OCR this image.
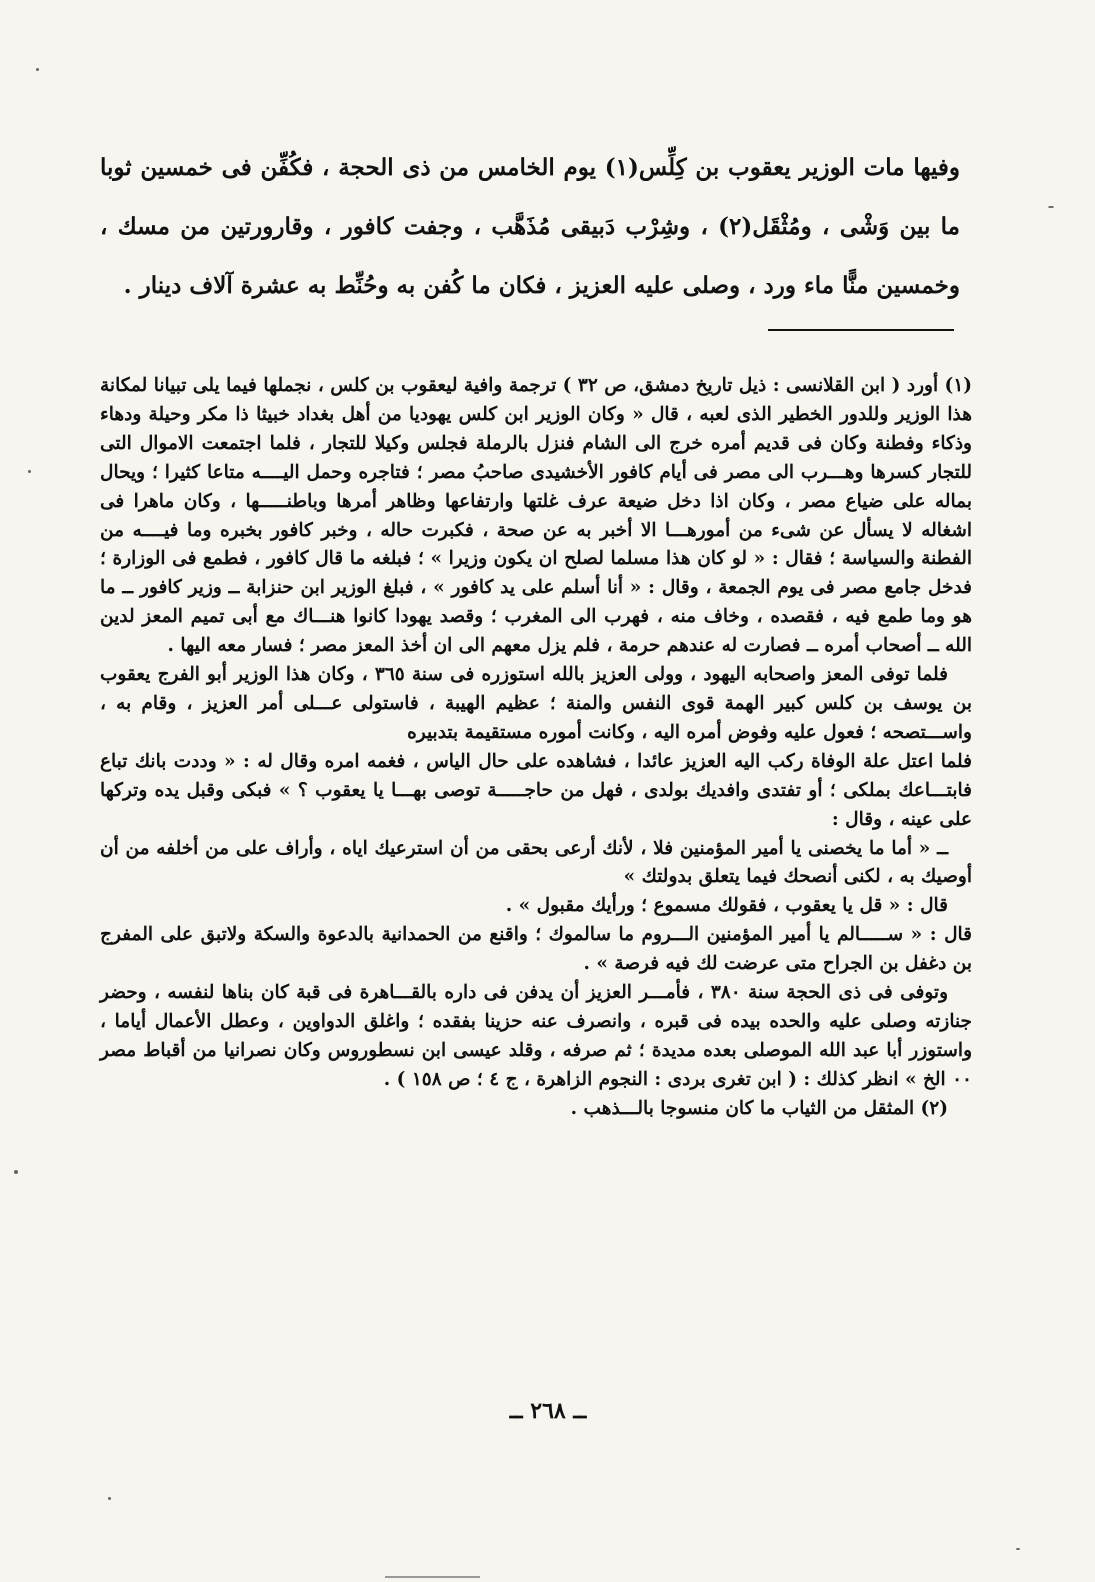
وفيها مات الوزير يعقوب بن كِلِّس(١) يوم الخامس من ذى الحجة ، فكُفِّن فى خمسين ثوبا ما بين وَشْى ، ومُثْقَل(٢) ، وشِرْب دَبيقى مُذَهَّب ، وجفت كافور ، وقارورتين من مسك ، وخمسين منًّا ماء ورد ، وصلى عليه العزيز ، فكان ما كُفن به وحُنِّط به عشرة آلاف دينار .

(١) أورد ( ابن القلانسى : ذيل تاريخ دمشق، ص ٣٢ ) ترجمة وافية ليعقوب بن كلس ، نجملها فيما يلى تبيانا لمكانة هذا الوزير وللدور الخطير الذى لعبه ، قال « وكان الوزير ابن كلس يهوديا من أهل بغداد خبيثا ذا مكر وحيلة ودهاء وذكاء وفطنة وكان فى قديم أمره خرج الى الشام فنزل بالرملة فجلس وكيلا للتجار ، فلما اجتمعت الاموال التى للتجار كسرها وهـــرب الى مصر فى أيام كافور الأخشيدى صاحبُ مصر ؛ فتاجره وحمل اليــــه متاعا كثيرا ؛ ويحال بماله على ضياع مصر ، وكان اذا دخل ضيعة عرف غلتها وارتفاعها وظاهر أمرها وباطنـــــها ، وكان ماهرا فى اشغاله لا يسأل عن شىء من أمورهـــا الا أخبر به عن صحة ، فكبرت حاله ، وخبر كافور بخبره وما فيــــه من الفطنة والسياسة ؛ فقال : « لو كان هذا مسلما لصلح ان يكون وزيرا » ؛ فبلغه ما قال كافور ، فطمع فى الوزارة ؛ فدخل جامع مصر فى يوم الجمعة ، وقال : « أنا أسلم على يد كافور » ، فبلغ الوزير ابن حنزابة ــ وزير كافور ــ ما هو وما طمع فيه ، فقصده ، وخاف منه ، فهرب الى المغرب ؛ وقصد يهودا كانوا هنـــاك مع أبى تميم المعز لدين الله ــ أصحاب أمره ــ فصارت له عندهم حرمة ، فلم يزل معهم الى ان أخذ المعز مصر ؛ فسار معه اليها .

فلما توفى المعز واصحابه اليهود ، وولى العزيز بالله استوزره فى سنة ٣٦٥ ، وكان هذا الوزير أبو الفرج يعقوب بن يوسف بن كلس كبير الهمة قوى النفس والمنة ؛ عظيم الهيبة ، فاستولى عـــلى أمر العزيز ، وقام به ، واســـتصحه ؛ فعول عليه وفوض أمره اليه ، وكانت أموره مستقيمة بتدبيره

فلما اعتل علة الوفاة ركب اليه العزيز عائدا ، فشاهده على حال الياس ، فغمه امره وقال له : « وددت بانك تباع فابتـــاعك بملكى ؛ أو تفتدى وافديك بولدى ، فهل من حاجـــــة توصى بهـــا يا يعقوب ؟ » فبكى وقبل يده وتركها على عينه ، وقال :

ــ « أما ما يخصنى يا أمير المؤمنين فلا ، لأنك أرعى بحقى من أن استرعيك اياه ، وأراف على من أخلفه من أن أوصيك به ، لكنى أنصحك فيما يتعلق بدولتك »

قال : « قل يا يعقوب ، فقولك مسموع ؛ ورأيك مقبول » .

قال : « ســـــالم يا أمير المؤمنين الـــروم ما سالموك ؛ واقنع من الحمدانية بالدعوة والسكة ولاتبق على المفرج بن دغفل بن الجراح متى عرضت لك فيه فرصة » .

وتوفى فى ذى الحجة سنة ٣٨٠ ، فأمـــر العزيز أن يدفن فى داره بالقـــاهرة فى قبة كان بناها لنفسه ، وحضر جنازته وصلى عليه والحده بيده فى قبره ، وانصرف عنه حزينا بفقده ؛ واغلق الدواوين ، وعطل الأعمال أياما ، واستوزر أبا عبد الله الموصلى بعده مديدة ؛ ثم صرفه ، وقلد عيسى ابن نسطوروس وكان نصرانيا من أقباط مصر ٠٠ الخ » انظر كذلك : ( ابن تغرى بردى : النجوم الزاهرة ، ج ٤ ؛ ص ١٥٨ ) .

(٢) المثقل من الثياب ما كان منسوجا بالـــذهب .

ــ ٢٦٨ ــ
